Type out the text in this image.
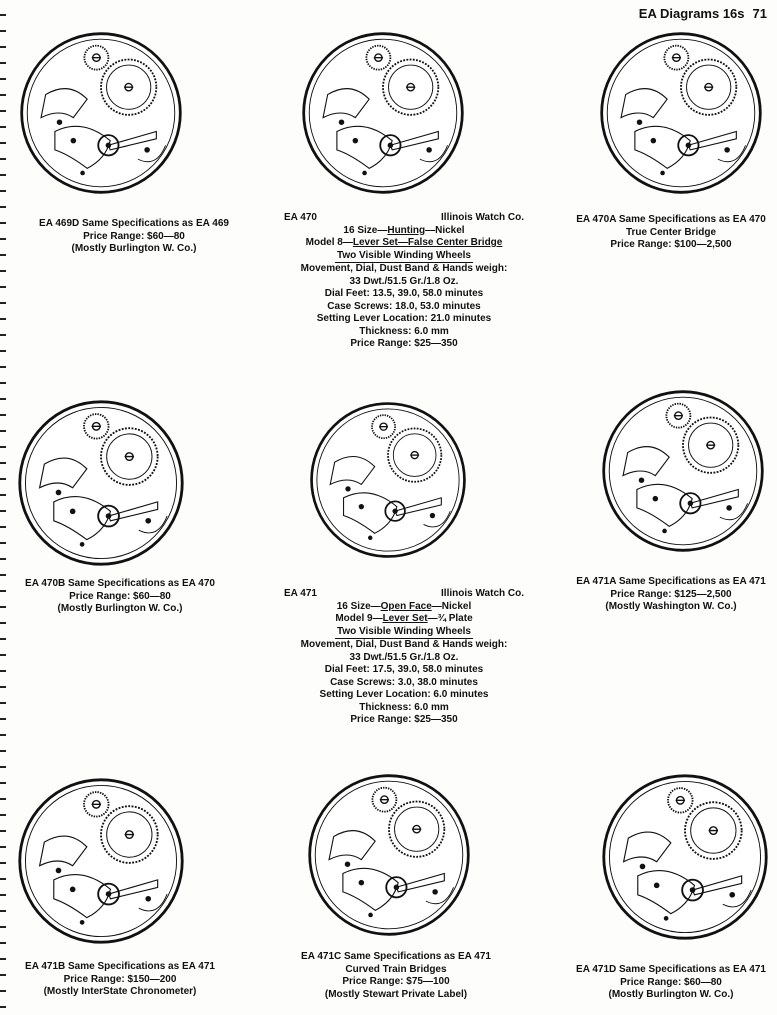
EA Diagrams 16s 71
EA 469D Same Specifications as EA 469
Price Range: $60—80
(Mostly Burlington W. Co.)
EA 470	Illinois Watch Co.
16 Size—Hunting—Nickel
Model 8—Lever Set—False Center Bridge
Two Visible Winding Wheels
Movement, Dial, Dust Band & Hands weigh:
33 Dwt./51.5 Gr./1.8 Oz.
Dial Feet: 13.5, 39.0, 58.0 minutes
Case Screws: 18.0, 53.0 minutes
Setting Lever Location: 21.0 minutes
Thickness: 6.0 mm
Price Range: $25—350
EA 470A Same Specifications as EA 470
True Center Bridge
Price Range: $100—2,500
EA 470B Same Specifications as EA 470
Price Range: $60—80
(Mostly Burlington W. Co.)
EA 471	Illinois Watch Co.
16 Size—Open Face—Nickel
Model 9—Lever Set—¾ Plate
Two Visible Winding Wheels
Movement, Dial, Dust Band & Hands weigh:
33 Dwt./51.5 Gr./1.8 Oz.
Dial Feet: 17.5, 39.0, 58.0 minutes
Case Screws: 3.0, 38.0 minutes
Setting Lever Location: 6.0 minutes
Thickness: 6.0 mm
Price Range: $25—350
EA 471A Same Specifications as EA 471
Price Range: $125—2,500
(Mostly Washington W. Co.)
EA 471B Same Specifications as EA 471
Price Range: $150—200
(Mostly InterState Chronometer)
EA 471C Same Specifications as EA 471
Curved Train Bridges
Price Range: $75—100
(Mostly Stewart Private Label)
EA 471D Same Specifications as EA 471
Price Range: $60—80
(Mostly Burlington W. Co.)
